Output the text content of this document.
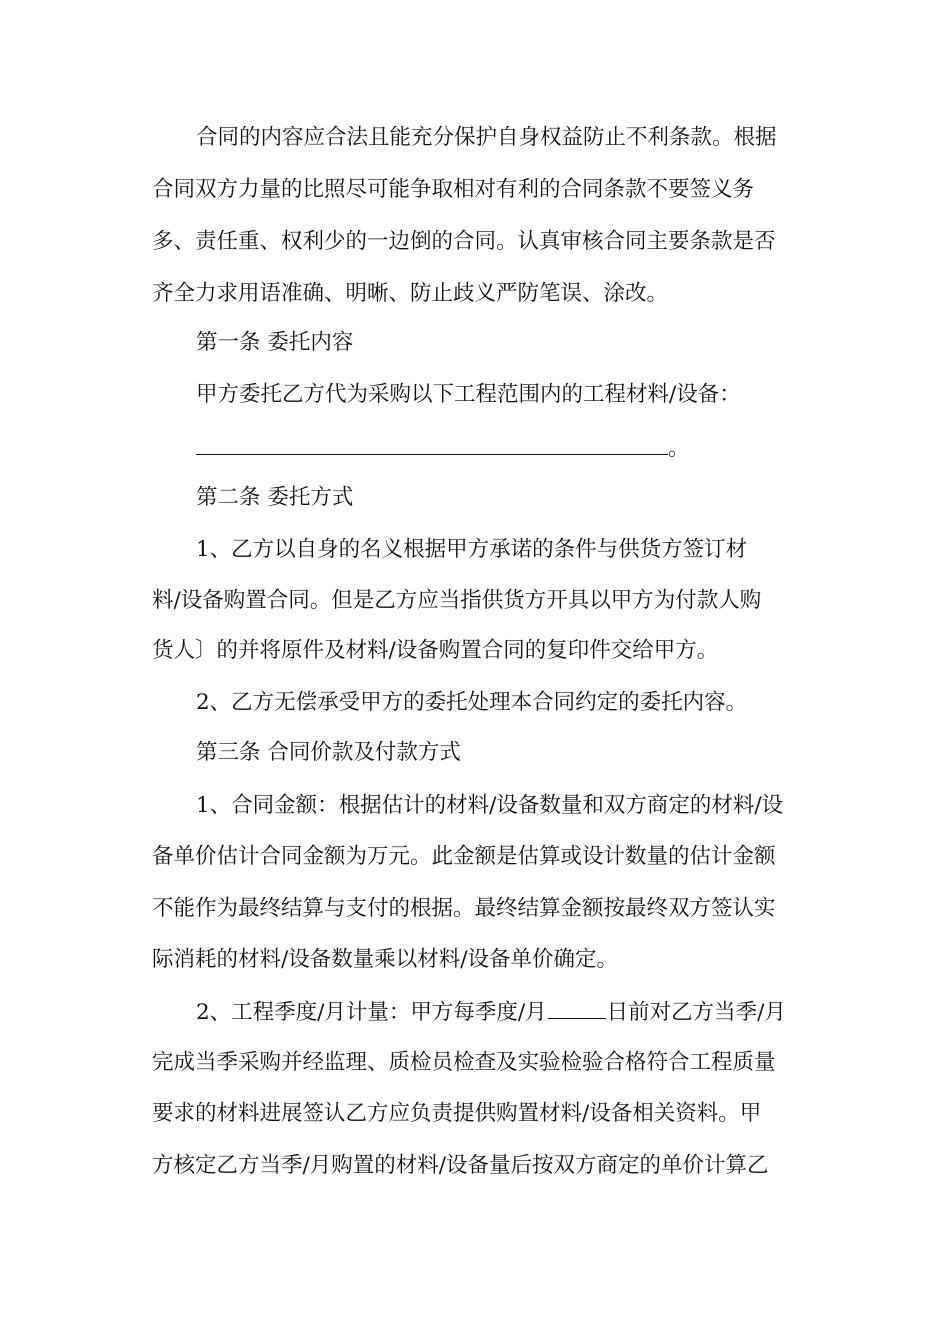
合同的内容应合法且能充分保护自身权益防止不利条款。根据
合同双方力量的比照尽可能争取相对有利的合同条款不要签义务
多、责任重、权利少的一边倒的合同。认真审核合同主要条款是否
齐全力求用语准确、明晰、防止歧义严防笔误、涂改。
第一条 委托内容
甲方委托乙方代为采购以下工程范围内的工程材料/设备：
。
第二条 委托方式
1、乙方以自身的名义根据甲方承诺的条件与供货方签订材
料/设备购置合同。但是乙方应当指供货方开具以甲方为付款人购
货人〕的并将原件及材料/设备购置合同的复印件交给甲方。
2、乙方无偿承受甲方的委托处理本合同约定的委托内容。
第三条 合同价款及付款方式
1、合同金额：根据估计的材料/设备数量和双方商定的材料/设
备单价估计合同金额为万元。此金额是估算或设计数量的估计金额
不能作为最终结算与支付的根据。最终结算金额按最终双方签认实
际消耗的材料/设备数量乘以材料/设备单价确定。
2、工程季度/月计量：甲方每季度/月	日前对乙方当季/月
完成当季采购并经监理、质检员检查及实验检验合格符合工程质量
要求的材料进展签认乙方应负责提供购置材料/设备相关资料。甲
方核定乙方当季/月购置的材料/设备量后按双方商定的单价计算乙
